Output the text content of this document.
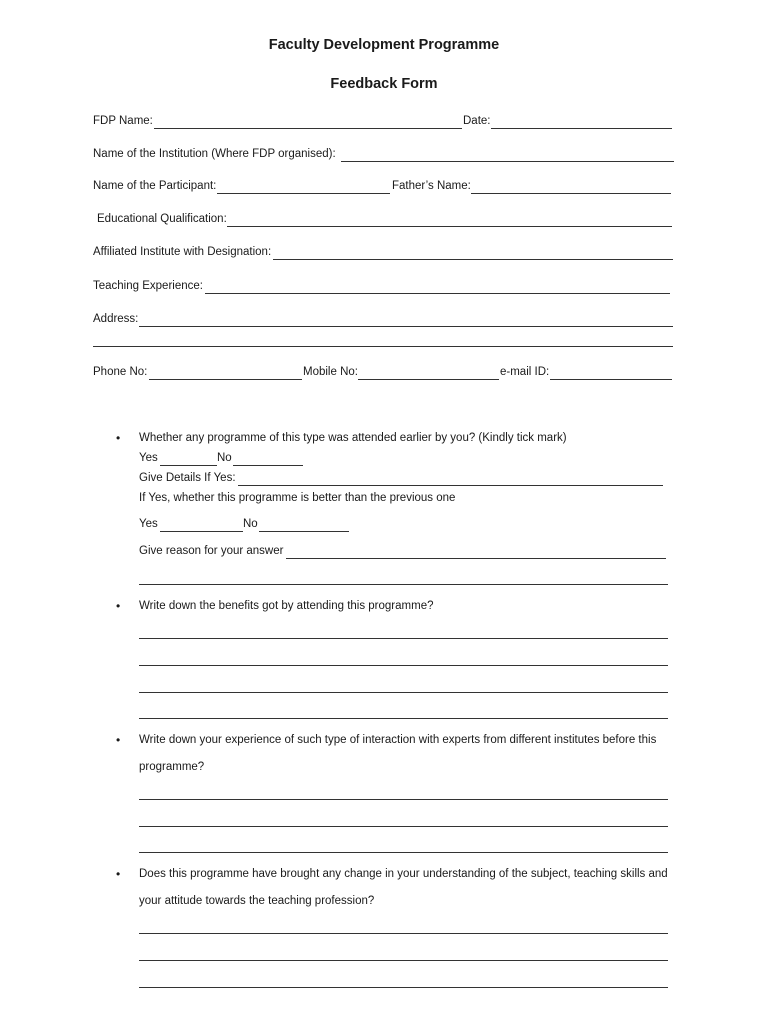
Faculty Development Programme
Feedback Form
FDP Name:	Date:
Name of the Institution (Where FDP organised):
Name of the Participant:	Father’s Name:
Educational Qualification:
Affiliated Institute with Designation:
Teaching Experience:
Address:
Phone No:	Mobile No:	e-mail ID:
• Whether any programme of this type was attended earlier by you? (Kindly tick mark)
Yes	No
Give Details If Yes:
If Yes, whether this programme is better than the previous one
Yes	No
Give reason for your answer
• Write down the benefits got by attending this programme?
• Write down your experience of such type of interaction with experts from different institutes before this
programme?
• Does this programme have brought any change in your understanding of the subject, teaching skills and
your attitude towards the teaching profession?
